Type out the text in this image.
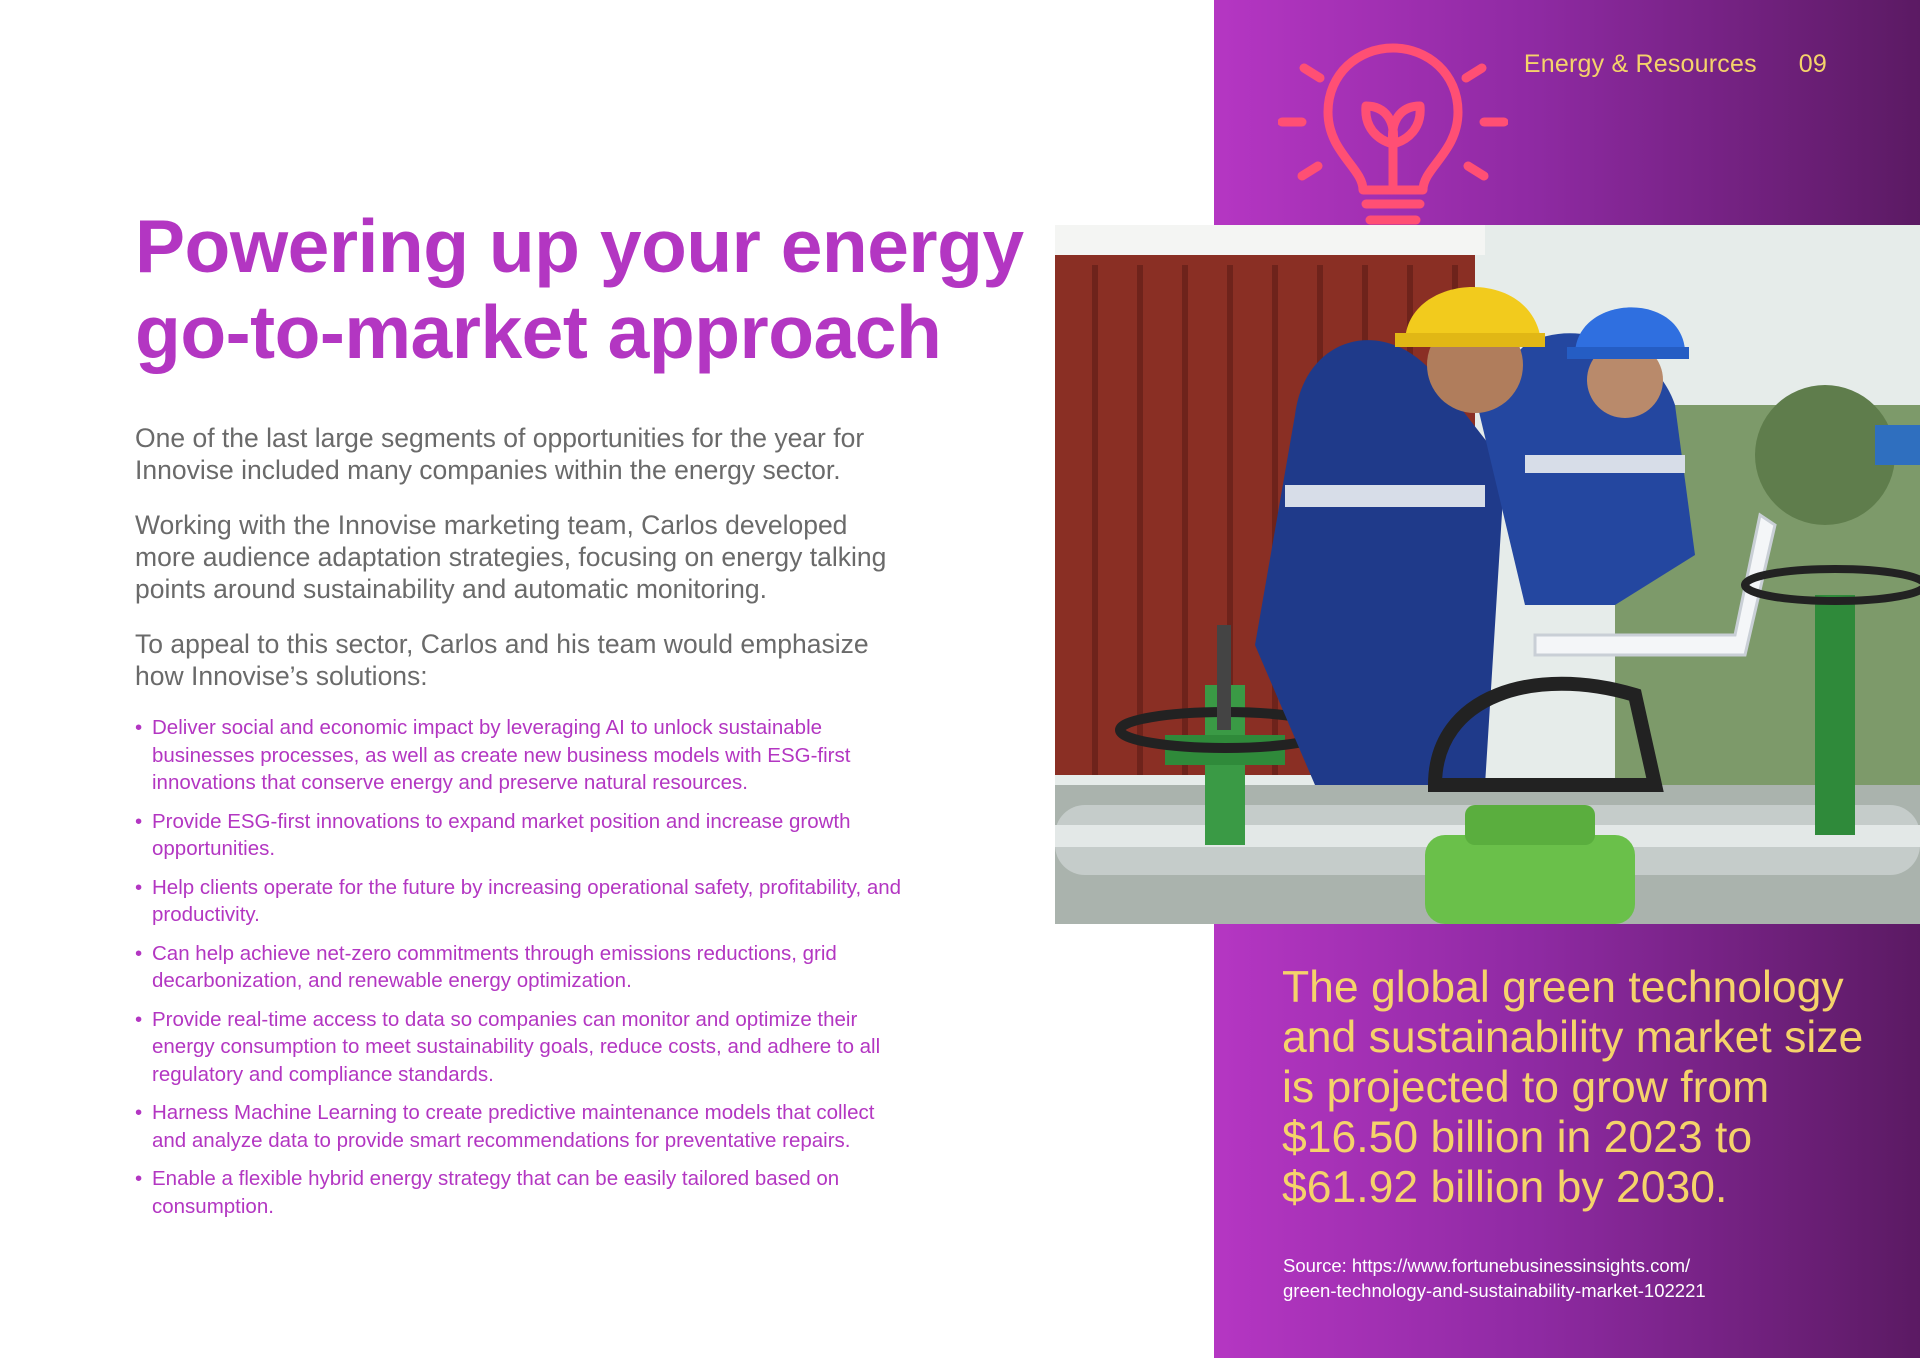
Energy & Resources 09
Powering up your energy
go-to-market approach

One of the last large segments of opportunities for the year for Innovise included many companies within the energy sector.

Working with the Innovise marketing team, Carlos developed more audience adaptation strategies, focusing on energy talking points around sustainability and automatic monitoring.

To appeal to this sector, Carlos and his team would emphasize how Innovise’s solutions:

• Deliver social and economic impact by leveraging AI to unlock sustainable businesses processes, as well as create new business models with ESG-first innovations that conserve energy and preserve natural resources.
• Provide ESG-first innovations to expand market position and increase growth opportunities.
• Help clients operate for the future by increasing operational safety, profitability, and productivity.
• Can help achieve net-zero commitments through emissions reductions, grid decarbonization, and renewable energy optimization.
• Provide real-time access to data so companies can monitor and optimize their energy consumption to meet sustainability goals, reduce costs, and adhere to all regulatory and compliance standards.
• Harness Machine Learning to create predictive maintenance models that collect and analyze data to provide smart recommendations for preventative repairs.
• Enable a flexible hybrid energy strategy that can be easily tailored based on consumption.
The global green technology and sustainability market size is projected to grow from $16.50 billion in 2023 to $61.92 billion by 2030.
Source: https://www.fortunebusinessinsights.com/
green-technology-and-sustainability-market-102221
